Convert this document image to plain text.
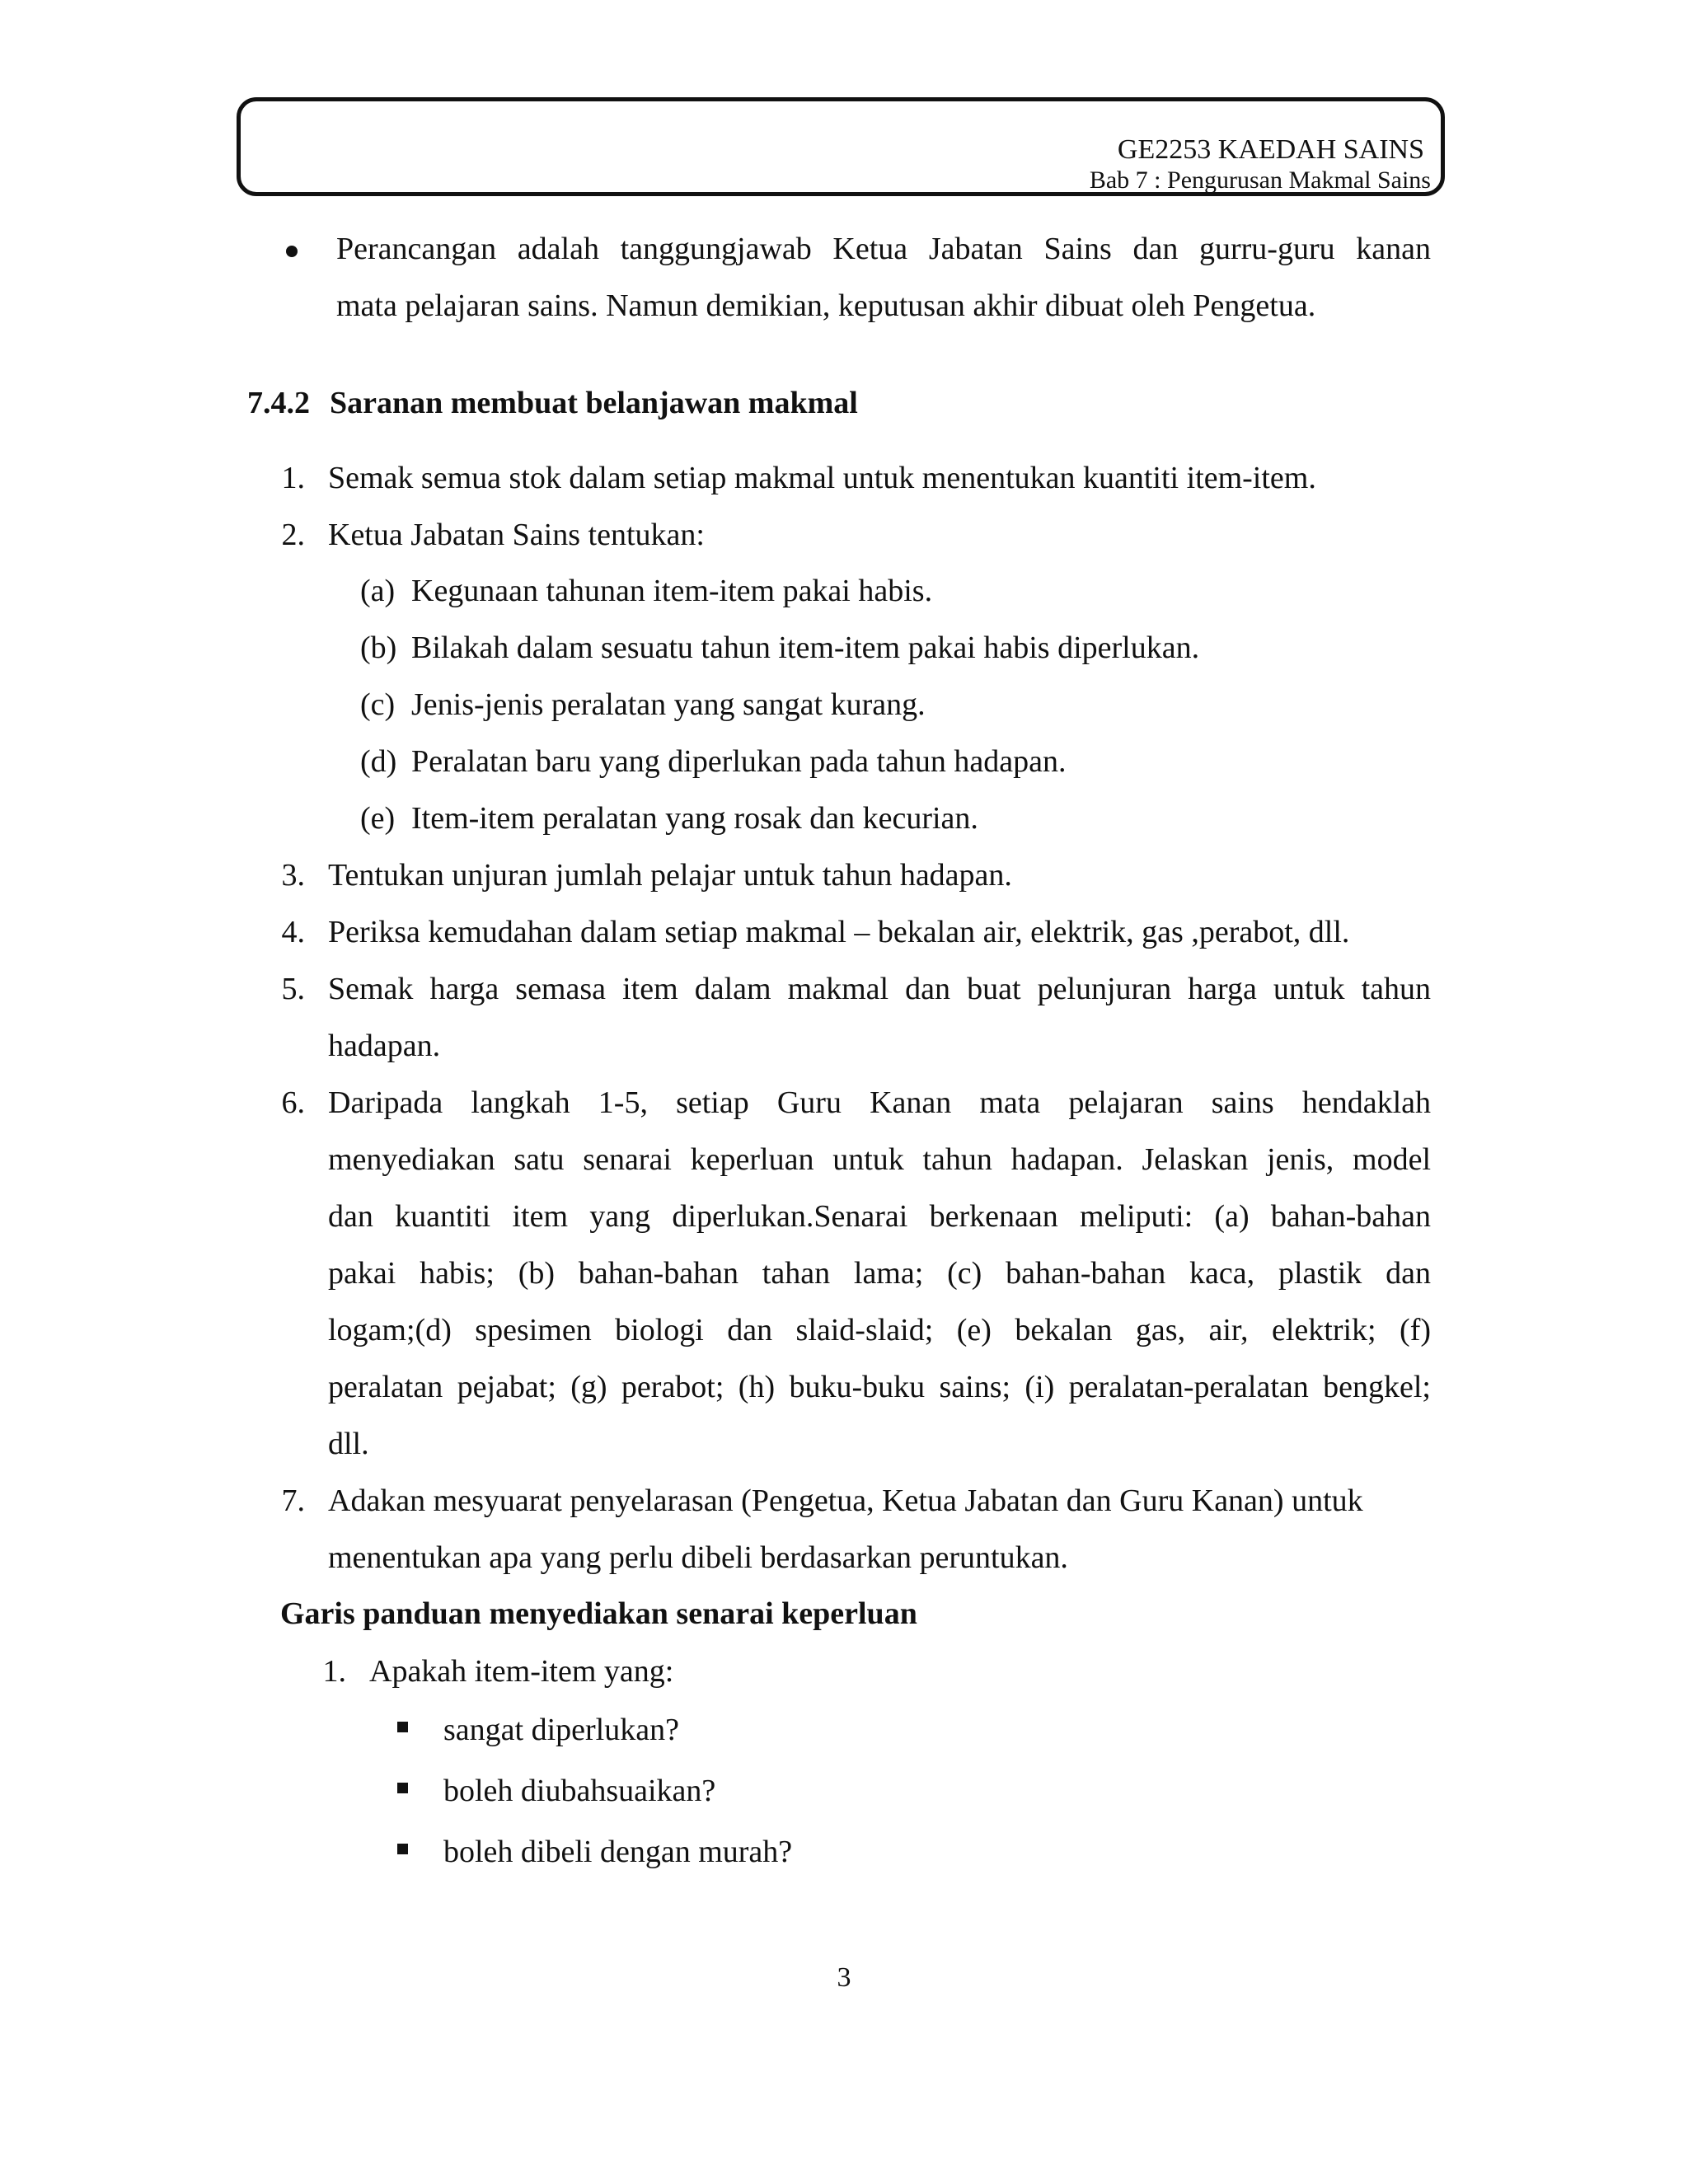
GE2253 KAEDAH SAINS
Bab 7 : Pengurusan Makmal Sains
Perancangan adalah tanggungjawab Ketua Jabatan Sains dan gurru-guru kanan
mata pelajaran sains. Namun demikian, keputusan akhir dibuat oleh Pengetua.
7.4.2 Saranan membuat belanjawan makmal
1. Semak semua stok dalam setiap makmal untuk menentukan kuantiti item-item.
2. Ketua Jabatan Sains tentukan:
(a) Kegunaan tahunan item-item pakai habis.
(b) Bilakah dalam sesuatu tahun item-item pakai habis diperlukan.
(c) Jenis-jenis peralatan yang sangat kurang.
(d) Peralatan baru yang diperlukan pada tahun hadapan.
(e) Item-item peralatan yang rosak dan kecurian.
3. Tentukan unjuran jumlah pelajar untuk tahun hadapan.
4. Periksa kemudahan dalam setiap makmal – bekalan air, elektrik, gas ,perabot, dll.
5. Semak harga semasa item dalam makmal dan buat pelunjuran harga untuk tahun
hadapan.
6. Daripada langkah 1-5, setiap Guru Kanan mata pelajaran sains hendaklah
menyediakan satu senarai keperluan untuk tahun hadapan. Jelaskan jenis, model
dan kuantiti item yang diperlukan.Senarai berkenaan meliputi: (a) bahan-bahan
pakai habis; (b) bahan-bahan tahan lama; (c) bahan-bahan kaca, plastik dan
logam;(d) spesimen biologi dan slaid-slaid; (e) bekalan gas, air, elektrik; (f)
peralatan pejabat; (g) perabot; (h) buku-buku sains; (i) peralatan-peralatan bengkel;
dll.
7. Adakan mesyuarat penyelarasan (Pengetua, Ketua Jabatan dan Guru Kanan) untuk
menentukan apa yang perlu dibeli berdasarkan peruntukan.
Garis panduan menyediakan senarai keperluan
1. Apakah item-item yang:
sangat diperlukan?
boleh diubahsuaikan?
boleh dibeli dengan murah?
3
